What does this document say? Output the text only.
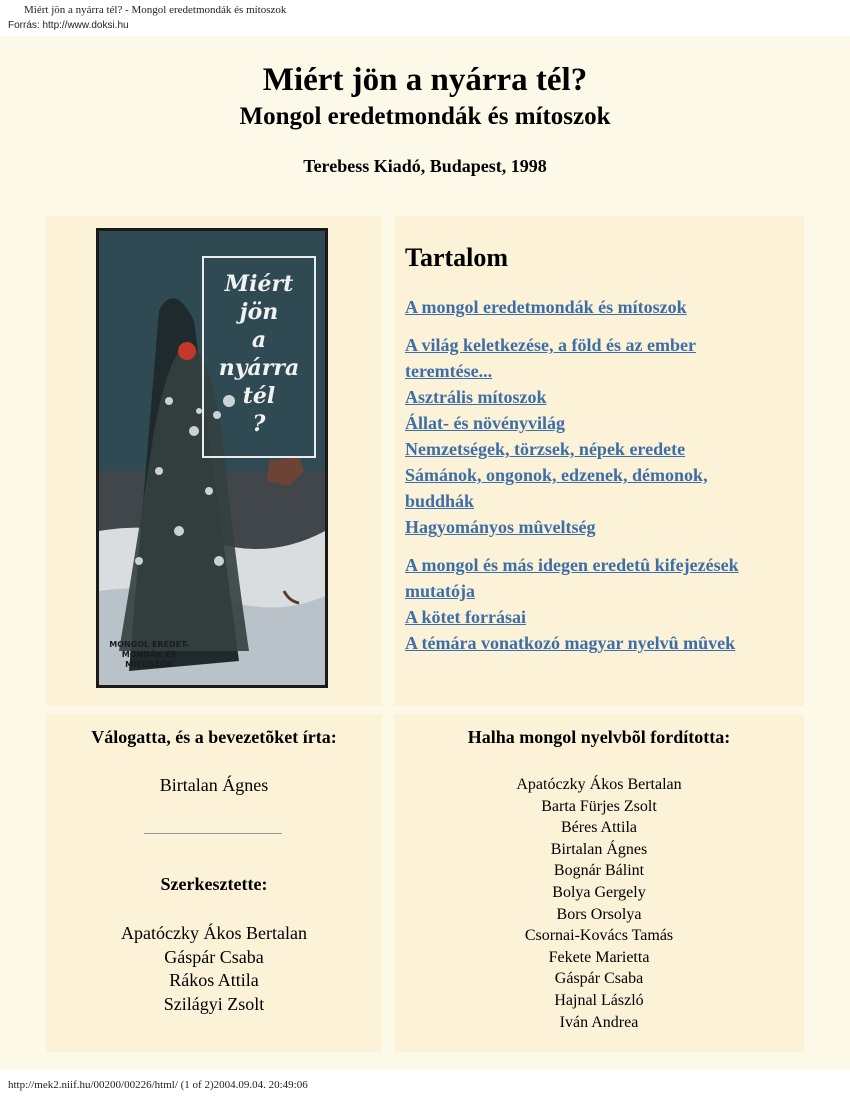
Miért jön a nyárra tél? - Mongol eredetmondák és mítoszok
Forrás: http://www.doksi.hu
Miért jön a nyárra tél?
Mongol eredetmondák és mítoszok
Terebess Kiadó, Budapest, 1998
Miért
jön
a
nyárra
tél
?
MONGOL EREDET-
MONDÁK ÉS
MÍTOSZOK
Tartalom
A mongol eredetmondák és mítoszok
A világ keletkezése, a föld és az ember
teremtése...
Asztrális mítoszok
Állat- és növényvilág
Nemzetségek, törzsek, népek eredete
Sámánok, ongonok, edzenek, démonok,
buddhák
Hagyományos mûveltség
A mongol és más idegen eredetû kifejezések
mutatója
A kötet forrásai
A témára vonatkozó magyar nyelvû mûvek
Válogatta, és a bevezetõket írta:
Birtalan Ágnes
Szerkesztette:
Apatóczky Ákos Bertalan
Gáspár Csaba
Rákos Attila
Szilágyi Zsolt
Halha mongol nyelvbõl fordította:
Apatóczky Ákos Bertalan
Barta Fürjes Zsolt
Béres Attila
Birtalan Ágnes
Bognár Bálint
Bolya Gergely
Bors Orsolya
Csornai-Kovács Tamás
Fekete Marietta
Gáspár Csaba
Hajnal László
Iván Andrea
http://mek2.niif.hu/00200/00226/html/ (1 of 2)2004.09.04. 20:49:06
